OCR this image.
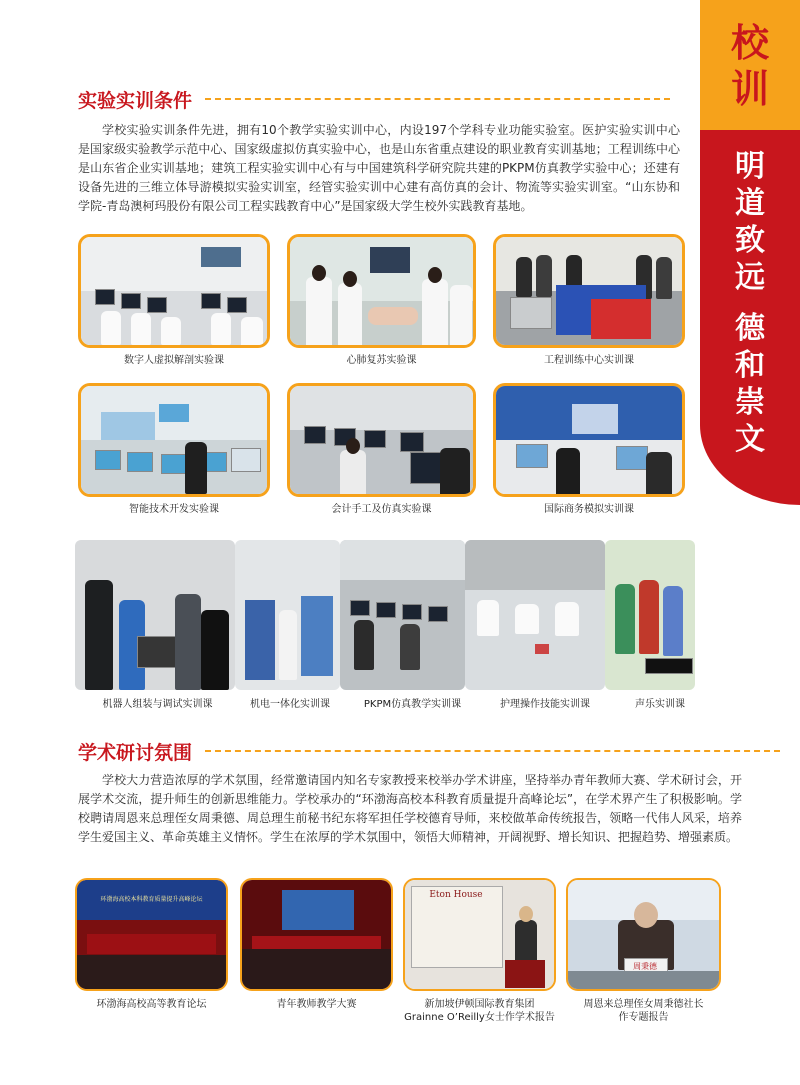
校训
明道致远
德和崇文
实验实训条件
学校实验实训条件先进，拥有10个教学实验实训中心，内设197个学科专业功能实验室。医护实验实训中心是国家级实验教学示范中心、国家级虚拟仿真实验中心，也是山东省重点建设的职业教育实训基地；工程训练中心是山东省企业实训基地；建筑工程实验实训中心有与中国建筑科学研究院共建的PKPM仿真教学实验中心；还建有设备先进的三维立体导游模拟实验实训室，经管实验实训中心建有高仿真的会计、物流等实验实训室。“山东协和学院-青岛澳柯玛股份有限公司工程实践教育中心”是国家级大学生校外实践教育基地。
数字人虚拟解剖实验课	心肺复苏实验课	工程训练中心实训课
智能技术开发实验课	会计手工及仿真实验课	国际商务模拟实训课
机器人组装与调试实训课	机电一体化实训课	PKPM仿真教学实训课	护理操作技能实训课	声乐实训课
学术研讨氛围
学校大力营造浓厚的学术氛围，经常邀请国内知名专家教授来校举办学术讲座，坚持举办青年教师大赛、学术研讨会，开展学术交流，提升师生的创新思维能力。学校承办的“环渤海高校本科教育质量提升高峰论坛”，在学术界产生了积极影响。学校聘请周恩来总理侄女周秉德、周总理生前秘书纪东将军担任学校德育导师，来校做革命传统报告，领略一代伟人风采，培养学生爱国主义、革命英雄主义情怀。学生在浓厚的学术氛围中，领悟大师精神，开阔视野、增长知识、把握趋势、增强素质。
环渤海高校本科教育质量提升高峰论坛
环渤海高校高等教育论坛	青年教师教学大赛
Eton House
新加坡伊顿国际教育集团
Grainne O’Reilly女士作学术报告
周秉德
周恩来总理侄女周秉德社长
作专题报告
